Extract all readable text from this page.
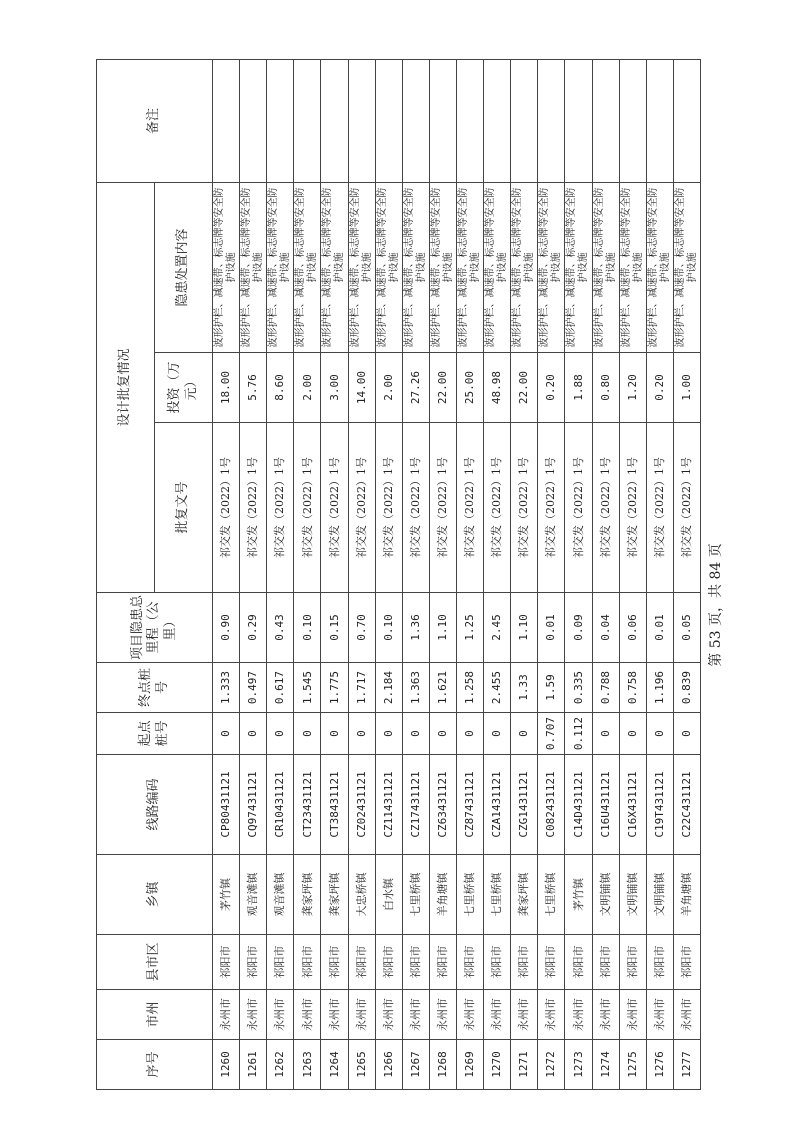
序号	市州	县市区	乡镇	线路编码	起点桩号	终点桩号	项目隐患总里程（公里）	设计批复情况			备注
								批复文号	投资（万元）	隐患处置内容	
1260	永州市	祁阳市	茅竹镇	CP80431121	0	1.333	0.90	祁交发（2022）1号	18.00	波形护栏、减速带、标志牌等安全防护设施	
1261	永州市	祁阳市	观音滩镇	CQ97431121	0	0.497	0.29	祁交发（2022）1号	5.76	波形护栏、减速带、标志牌等安全防护设施	
1262	永州市	祁阳市	观音滩镇	CR10431121	0	0.617	0.43	祁交发（2022）1号	8.60	波形护栏、减速带、标志牌等安全防护设施	
1263	永州市	祁阳市	龚家坪镇	CT23431121	0	1.545	0.10	祁交发（2022）1号	2.00	波形护栏、减速带、标志牌等安全防护设施	
1264	永州市	祁阳市	龚家坪镇	CT38431121	0	1.775	0.15	祁交发（2022）1号	3.00	波形护栏、减速带、标志牌等安全防护设施	
1265	永州市	祁阳市	大忠桥镇	CZ02431121	0	1.717	0.70	祁交发（2022）1号	14.00	波形护栏、减速带、标志牌等安全防护设施	
1266	永州市	祁阳市	白水镇	CZ11431121	0	2.184	0.10	祁交发（2022）1号	2.00	波形护栏、减速带、标志牌等安全防护设施	
1267	永州市	祁阳市	七里桥镇	CZ17431121	0	1.363	1.36	祁交发（2022）1号	27.26	波形护栏、减速带、标志牌等安全防护设施	
1268	永州市	祁阳市	羊角塘镇	CZ63431121	0	1.621	1.10	祁交发（2022）1号	22.00	波形护栏、减速带、标志牌等安全防护设施	
1269	永州市	祁阳市	七里桥镇	CZ87431121	0	1.258	1.25	祁交发（2022）1号	25.00	波形护栏、减速带、标志牌等安全防护设施	
1270	永州市	祁阳市	七里桥镇	CZA1431121	0	2.455	2.45	祁交发（2022）1号	48.98	波形护栏、减速带、标志牌等安全防护设施	
1271	永州市	祁阳市	龚家坪镇	CZG1431121	0	1.33	1.10	祁交发（2022）1号	22.00	波形护栏、减速带、标志牌等安全防护设施	
1272	永州市	祁阳市	七里桥镇	C082431121	0.707	1.59	0.01	祁交发（2022）1号	0.20	波形护栏、减速带、标志牌等安全防护设施	
1273	永州市	祁阳市	茅竹镇	C14D431121	0.112	0.335	0.09	祁交发（2022）1号	1.88	波形护栏、减速带、标志牌等安全防护设施	
1274	永州市	祁阳市	文明铺镇	C16U431121	0	0.788	0.04	祁交发（2022）1号	0.80	波形护栏、减速带、标志牌等安全防护设施	
1275	永州市	祁阳市	文明铺镇	C16X431121	0	0.758	0.06	祁交发（2022）1号	1.20	波形护栏、减速带、标志牌等安全防护设施	
1276	永州市	祁阳市	文明铺镇	C19T431121	0	1.196	0.01	祁交发（2022）1号	0.20	波形护栏、减速带、标志牌等安全防护设施	
1277	永州市	祁阳市	羊角塘镇	C22C431121	0	0.839	0.05	祁交发（2022）1号	1.00	波形护栏、减速带、标志牌等安全防护设施	
第 53 页，共 84 页
